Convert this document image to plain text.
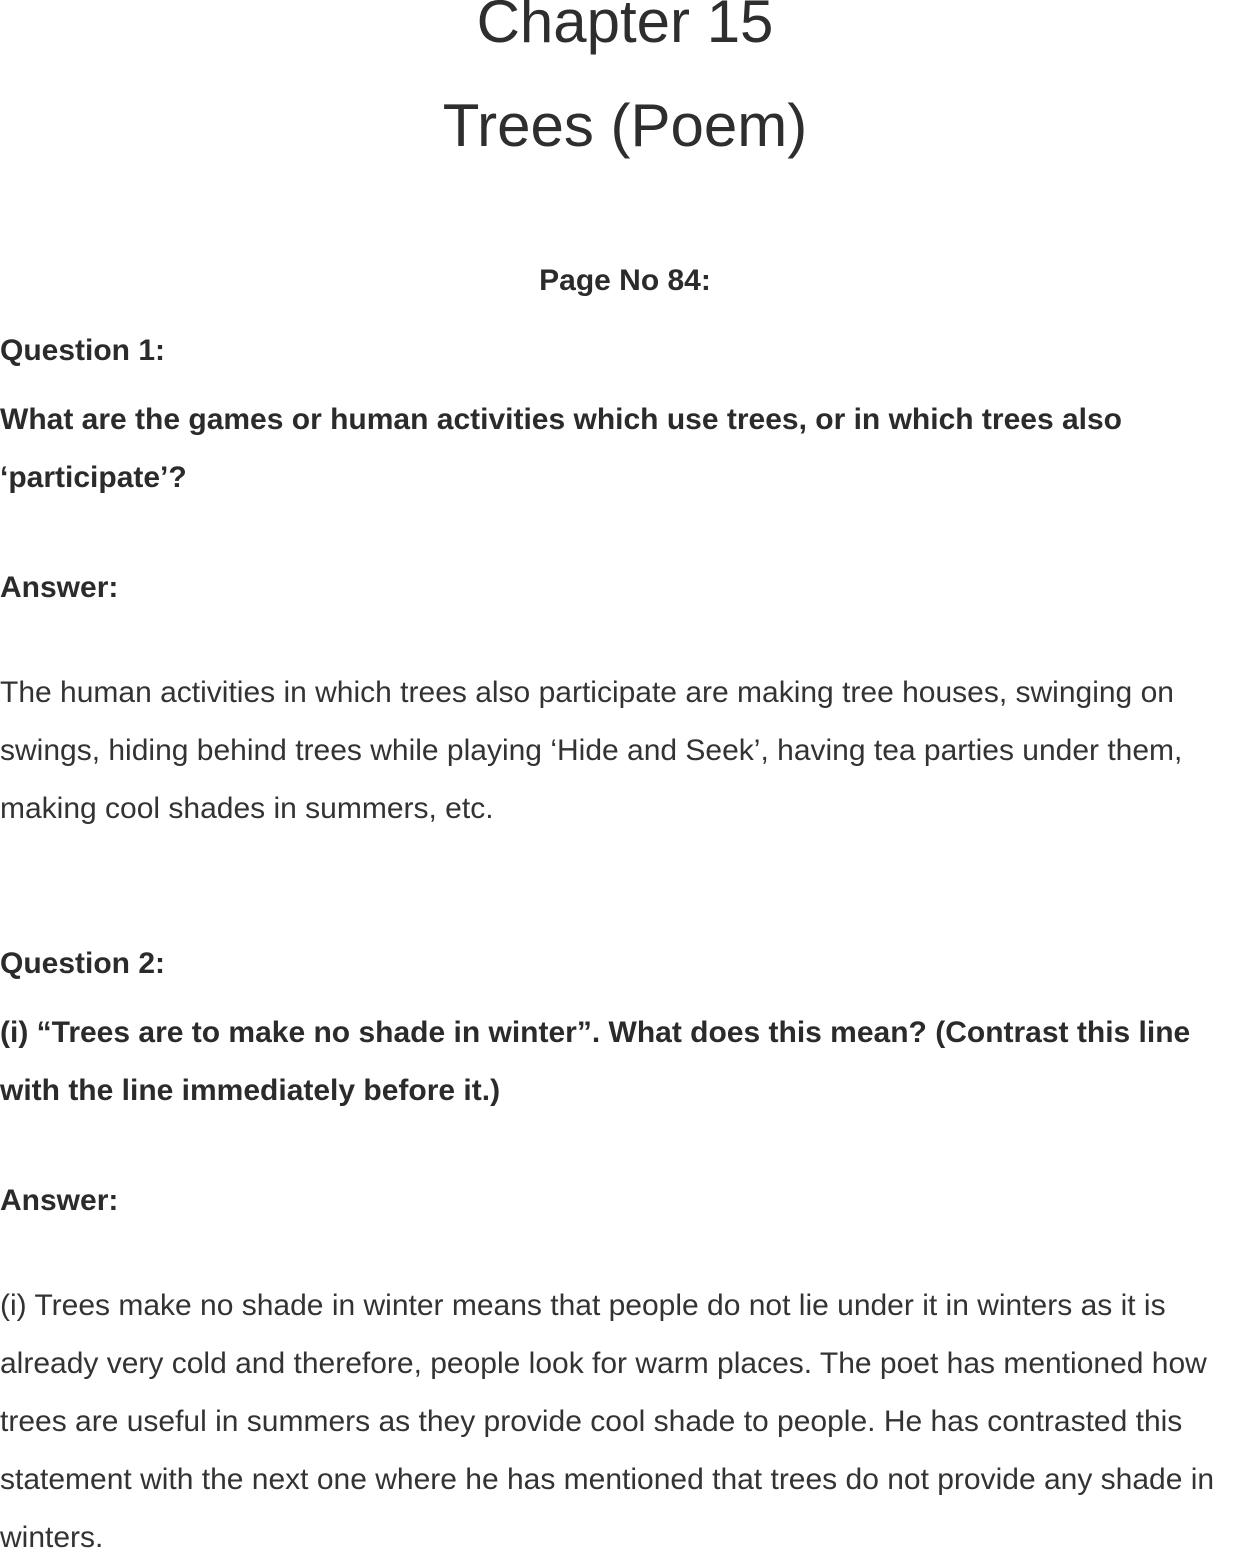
Chapter 15
Trees (Poem)
Page No 84:

Question 1:

What are the games or human activities which use trees, or in which trees also ‘participate’?

Answer:

The human activities in which trees also participate are making tree houses, swinging on swings, hiding behind trees while playing ‘Hide and Seek’, having tea parties under them, making cool shades in summers, etc.

Question 2:

(i) “Trees are to make no shade in winter”. What does this mean? (Contrast this line with the line immediately before it.)

Answer:

(i) Trees make no shade in winter means that people do not lie under it in winters as it is already very cold and therefore, people look for warm places. The poet has mentioned how trees are useful in summers as they provide cool shade to people. He has contrasted this statement with the next one where he has mentioned that trees do not provide any shade in winters.
